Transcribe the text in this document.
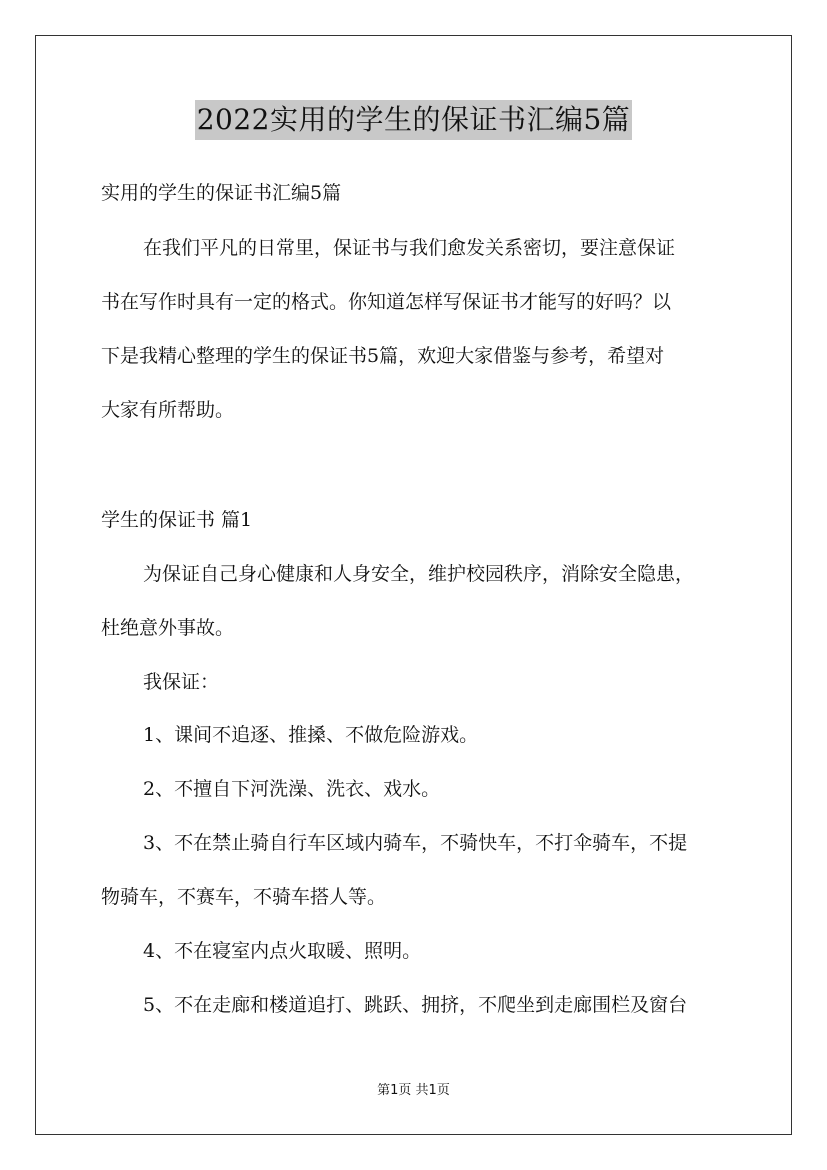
2022实用的学生的保证书汇编5篇
实用的学生的保证书汇编5篇
在我们平凡的日常里，保证书与我们愈发关系密切，要注意保证
书在写作时具有一定的格式。你知道怎样写保证书才能写的好吗？以
下是我精心整理的学生的保证书5篇，欢迎大家借鉴与参考，希望对
大家有所帮助。
学生的保证书 篇1
为保证自己身心健康和人身安全，维护校园秩序，消除安全隐患，
杜绝意外事故。
我保证：
1、课间不追逐、推搡、不做危险游戏。
2、不擅自下河洗澡、洗衣、戏水。
3、不在禁止骑自行车区域内骑车，不骑快车，不打伞骑车，不提
物骑车，不赛车，不骑车搭人等。
4、不在寝室内点火取暖、照明。
5、不在走廊和楼道追打、跳跃、拥挤，不爬坐到走廊围栏及窗台
第1页 共1页
